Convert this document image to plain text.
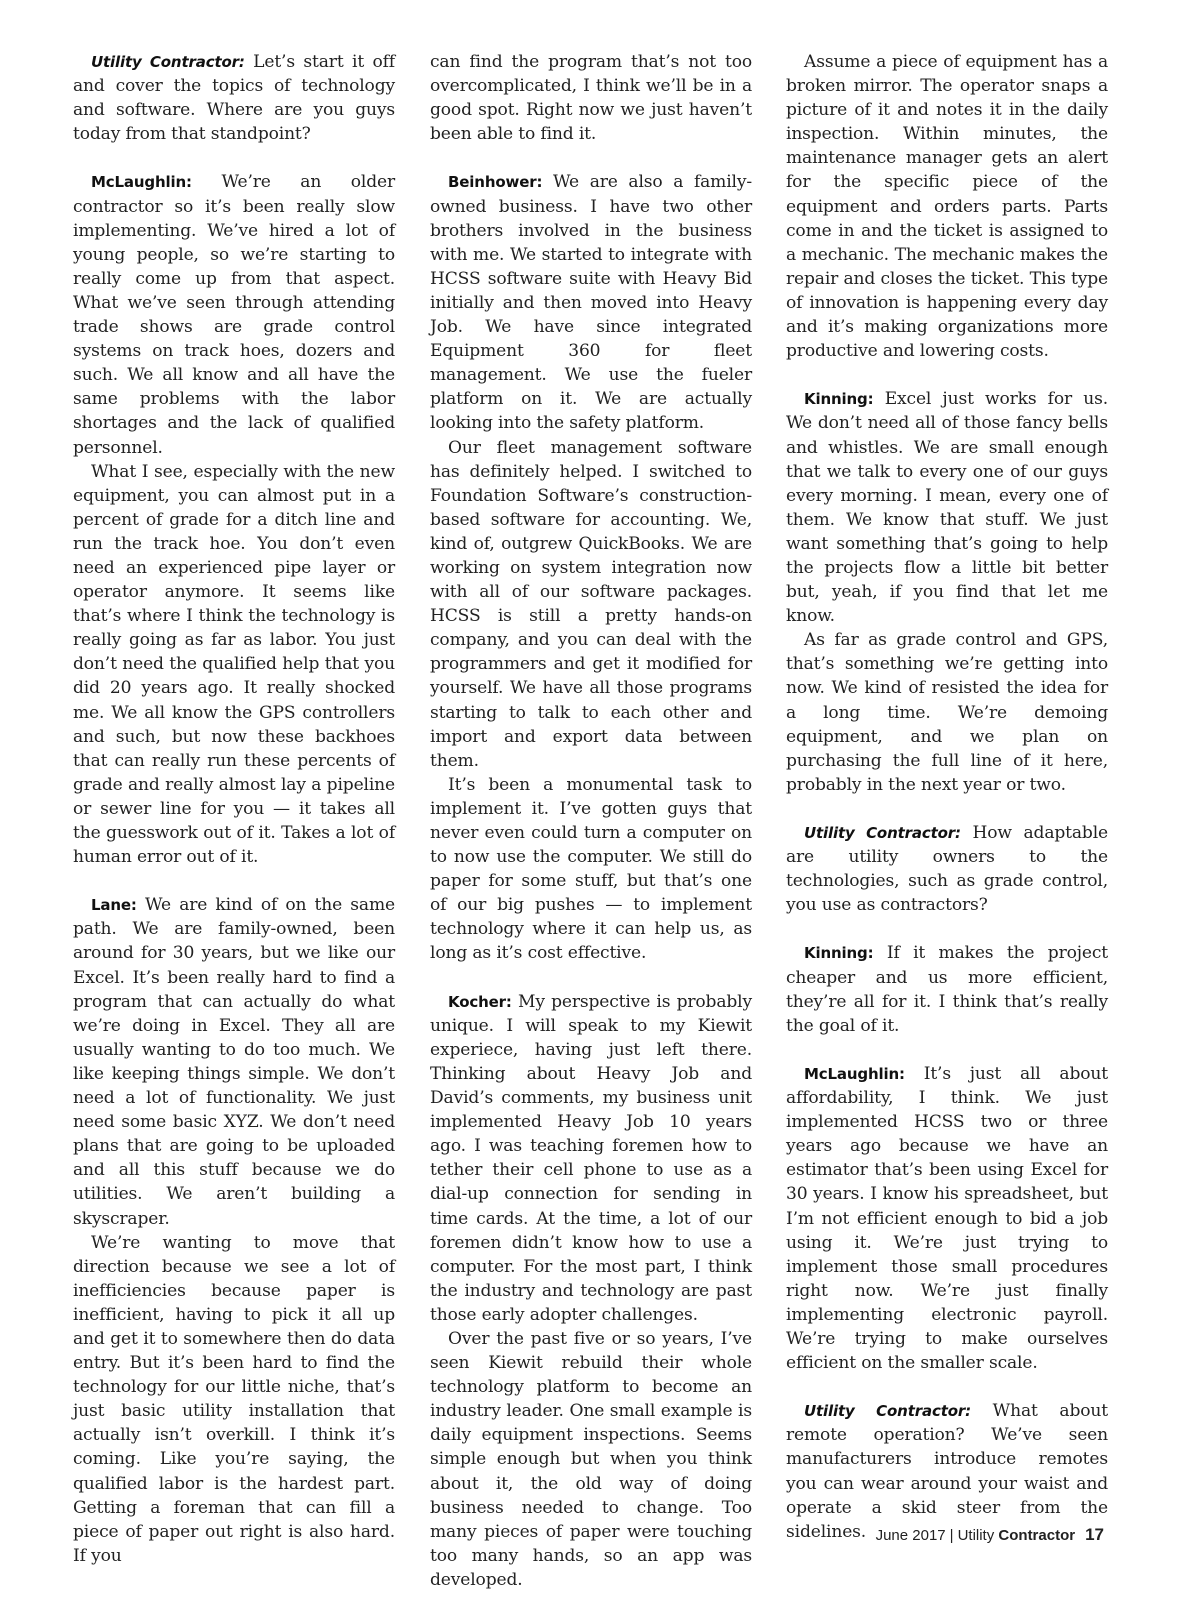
Utility Contractor: Let’s start it off and cover the topics of technology and software. Where are you guys today from that standpoint?

McLaughlin: We’re an older contractor so it’s been really slow implementing. We’ve hired a lot of young people, so we’re starting to really come up from that aspect. What we’ve seen through attending trade shows are grade control systems on track hoes, dozers and such. We all know and all have the same problems with the labor shortages and the lack of qualified personnel.

What I see, especially with the new equipment, you can almost put in a percent of grade for a ditch line and run the track hoe. You don’t even need an experienced pipe layer or operator anymore. It seems like that’s where I think the technology is really going as far as labor. You just don’t need the qualified help that you did 20 years ago. It really shocked me. We all know the GPS controllers and such, but now these backhoes that can really run these percents of grade and really almost lay a pipeline or sewer line for you — it takes all the guesswork out of it. Takes a lot of human error out of it.

Lane: We are kind of on the same path. We are family-owned, been around for 30 years, but we like our Excel. It’s been really hard to find a program that can actually do what we’re doing in Excel. They all are usually wanting to do too much. We like keeping things simple. We don’t need a lot of functionality. We just need some basic XYZ. We don’t need plans that are going to be uploaded and all this stuff because we do utilities. We aren’t building a skyscraper.

We’re wanting to move that direction because we see a lot of inefficiencies because paper is inefficient, having to pick it all up and get it to somewhere then do data entry. But it’s been hard to find the technology for our little niche, that’s just basic utility installation that actually isn’t overkill. I think it’s coming. Like you’re saying, the qualified labor is the hardest part. Getting a foreman that can fill a piece of paper out right is also hard. If you

can find the program that’s not too overcomplicated, I think we’ll be in a good spot. Right now we just haven’t been able to find it.

Beinhower: We are also a family-owned business. I have two other brothers involved in the business with me. We started to integrate with HCSS software suite with Heavy Bid initially and then moved into Heavy Job. We have since integrated Equipment 360 for fleet management. We use the fueler platform on it. We are actually looking into the safety platform.

Our fleet management software has definitely helped. I switched to Foundation Software’s construction-based software for accounting. We, kind of, outgrew QuickBooks. We are working on system integration now with all of our software packages. HCSS is still a pretty hands-on company, and you can deal with the programmers and get it modified for yourself. We have all those programs starting to talk to each other and import and export data between them.

It’s been a monumental task to implement it. I’ve gotten guys that never even could turn a computer on to now use the computer. We still do paper for some stuff, but that’s one of our big pushes — to implement technology where it can help us, as long as it’s cost effective.

Kocher: My perspective is probably unique. I will speak to my Kiewit experiece, having just left there. Thinking about Heavy Job and David’s comments, my business unit implemented Heavy Job 10 years ago. I was teaching foremen how to tether their cell phone to use as a dial-up connection for sending in time cards. At the time, a lot of our foremen didn’t know how to use a computer. For the most part, I think the industry and technology are past those early adopter challenges.

Over the past five or so years, I’ve seen Kiewit rebuild their whole technology platform to become an industry leader. One small example is daily equipment inspections. Seems simple enough but when you think about it, the old way of doing business needed to change. Too many pieces of paper were touching too many hands, so an app was developed.

Assume a piece of equipment has a broken mirror. The operator snaps a picture of it and notes it in the daily inspection. Within minutes, the maintenance manager gets an alert for the specific piece of the equipment and orders parts. Parts come in and the ticket is assigned to a mechanic. The mechanic makes the repair and closes the ticket. This type of innovation is happening every day and it’s making organizations more productive and lowering costs.

Kinning: Excel just works for us. We don’t need all of those fancy bells and whistles. We are small enough that we talk to every one of our guys every morning. I mean, every one of them. We know that stuff. We just want something that’s going to help the projects flow a little bit better but, yeah, if you find that let me know.

As far as grade control and GPS, that’s something we’re getting into now. We kind of resisted the idea for a long time. We’re demoing equipment, and we plan on purchasing the full line of it here, probably in the next year or two.

Utility Contractor: How adaptable are utility owners to the technologies, such as grade control, you use as contractors?

Kinning: If it makes the project cheaper and us more efficient, they’re all for it. I think that’s really the goal of it.

McLaughlin: It’s just all about affordability, I think. We just implemented HCSS two or three years ago because we have an estimator that’s been using Excel for 30 years. I know his spreadsheet, but I’m not efficient enough to bid a job using it. We’re just trying to implement those small procedures right now. We’re just finally implementing electronic payroll. We’re trying to make ourselves efficient on the smaller scale.

Utility Contractor: What about remote operation? We’ve seen manufacturers introduce remotes you can wear around your waist and operate a skid steer from the sidelines. June 2017 | Utility Contractor 17
